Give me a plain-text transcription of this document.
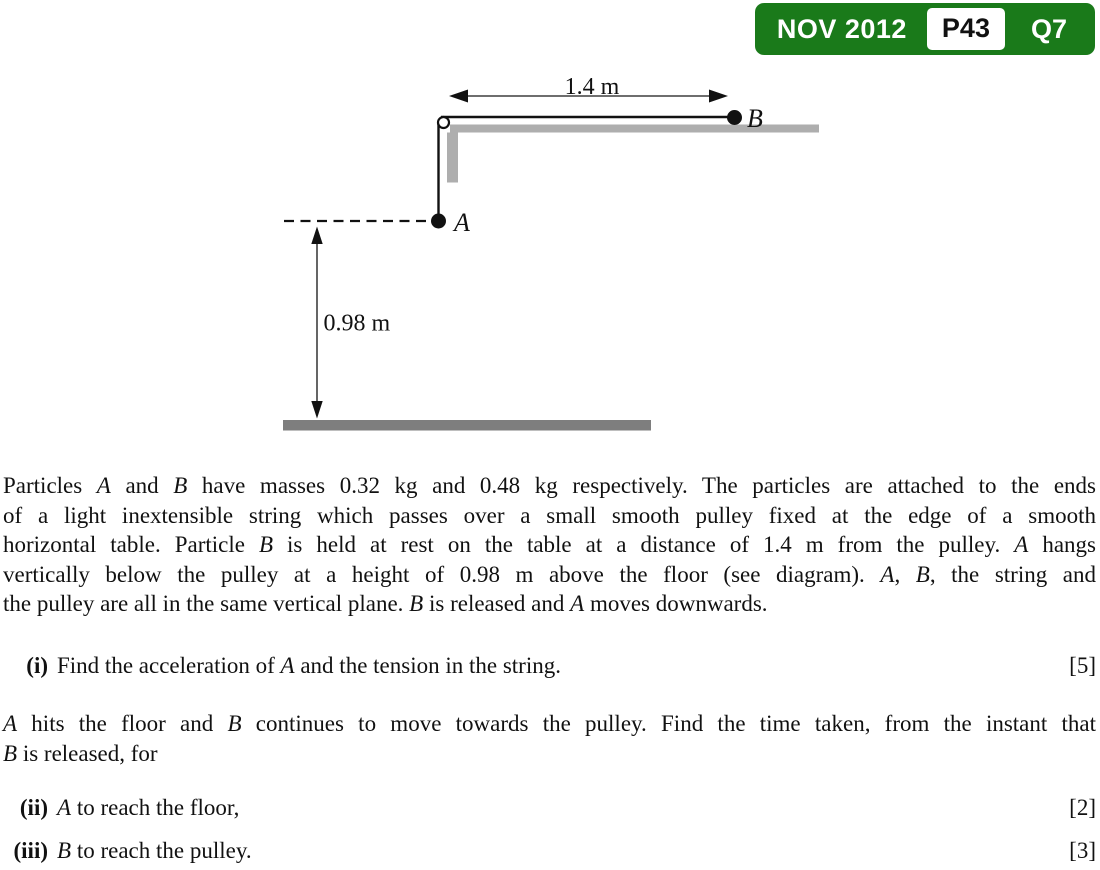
NOV 2012	P43	Q7
1.4 m
B
A
0.98 m
Particles A and B have masses 0.32 kg and 0.48 kg respectively. The particles are attached to the ends
of a light inextensible string which passes over a small smooth pulley fixed at the edge of a smooth
horizontal table. Particle B is held at rest on the table at a distance of 1.4 m from the pulley. A hangs
vertically below the pulley at a height of 0.98 m above the floor (see diagram). A, B, the string and
the pulley are all in the same vertical plane. B is released and A moves downwards.
(i) Find the acceleration of A and the tension in the string.	[5]
A hits the floor and B continues to move towards the pulley. Find the time taken, from the instant that
B is released, for
(ii) A to reach the floor,	[2]
(iii) B to reach the pulley.	[3]
